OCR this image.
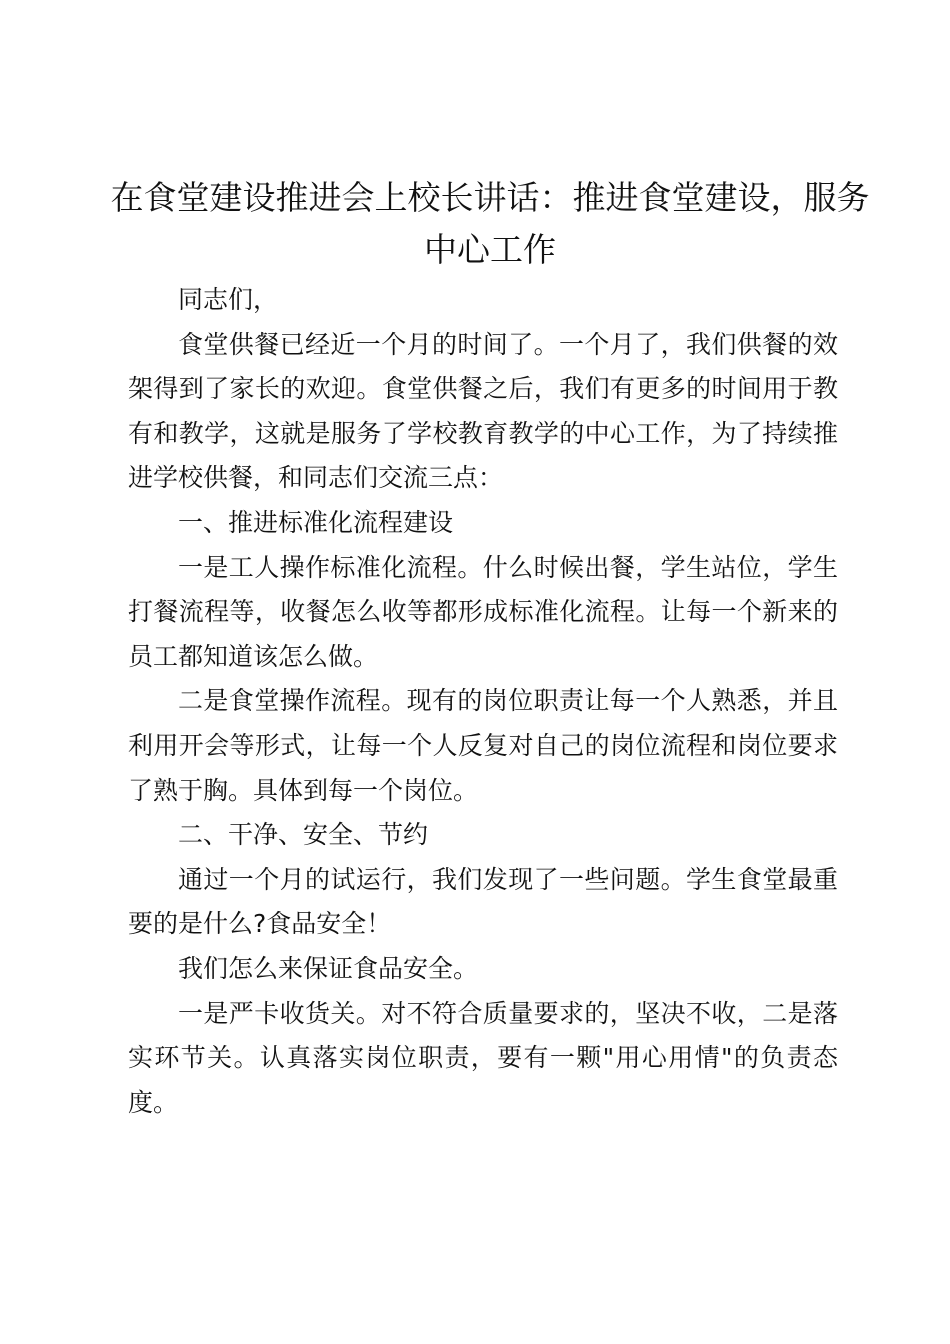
在食堂建设推进会上校长讲话：推进食堂建设，服务中心工作

同志们，

食堂供餐已经近一个月的时间了。一个月了，我们供餐的效架得到了家长的欢迎。食堂供餐之后，我们有更多的时间用于教有和教学，这就是服务了学校教育教学的中心工作，为了持续推进学校供餐，和同志们交流三点：

一、推进标准化流程建设

一是工人操作标准化流程。什么时候出餐，学生站位，学生打餐流程等，收餐怎么收等都形成标准化流程。让每一个新来的员工都知道该怎么做。

二是食堂操作流程。现有的岗位职责让每一个人熟悉，并且利用开会等形式，让每一个人反复对自己的岗位流程和岗位要求了熟于胸。具体到每一个岗位。

二、干净、安全、节约

通过一个月的试运行，我们发现了一些问题。学生食堂最重要的是什么?食品安全！

我们怎么来保证食品安全。

一是严卡收货关。对不符合质量要求的，坚决不收，二是落实环节关。认真落实岗位职责，要有一颗"用心用情"的负责态度。
